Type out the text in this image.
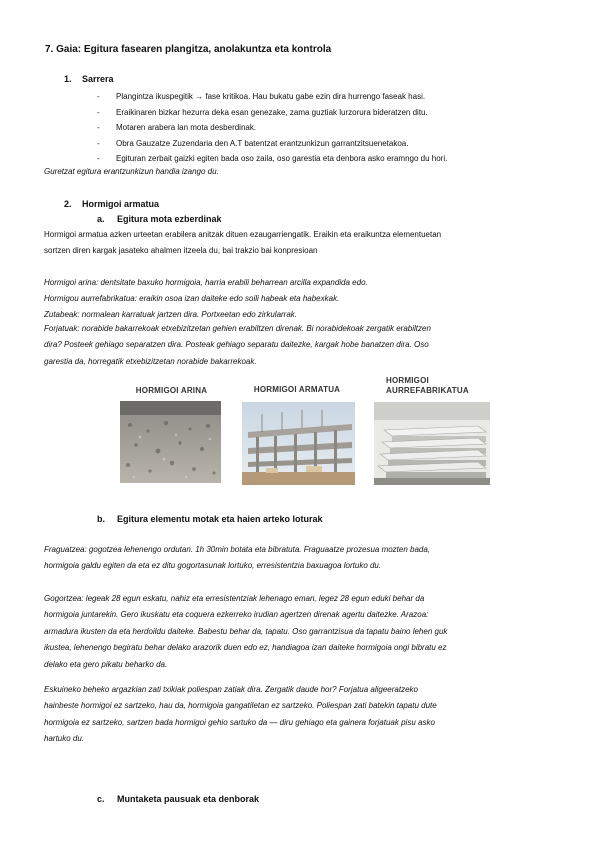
7. Gaia: Egitura fasearen plangitza, anolakuntza eta kontrola
1. Sarrera
- Plangintza ikuspegitik → fase kritikoa. Hau bukatu gabe ezin dira hurrengo faseak hasi.
- Eraikinaren bizkar hezurra deka esan genezake, zama guztiak lurzorura bideratzen ditu.
- Motaren arabera lan mota desberdinak.
- Obra Gauzatze Zuzendaria den A.T batentzat erantzunkizun garrantzitsuenetakoa.
- Egituran zerbait gaizki egiten bada oso zaila, oso garestia eta denbora asko eramngo du hori.
Guretzat egitura erantzunkizun handia izango du.
2. Hormigoi armatua
a. Egitura mota ezberdinak
Hormigoi armatua azken urteetan erabilera anitzak dituen ezaugarriengatik. Eraikin eta eraikuntza elementuetan
sortzen diren kargak jasateko ahalmen itzeela du, bai trakzio bai konpresioan
Hormigoi arina: dentsitate baxuko hormigoia, harria erabili beharrean arcilla expandida edo.
Hormigou aurrefabrikatua: eraikin osoa izan daiteke edo soili habeak eta habexkak.
Zutabeak: normalean karratuak jartzen dira. Portxeetan edo zirkularrak.
Forjatuak: norabide bakarrekoak etxebizitzetan gehien erabiltzen direnak. Bi norabidekoak zergatik erabiltzen
dira? Posteek gehiago separatzen dira. Posteak gehiago separatu daitezke, kargak hobe banatzen dira. Oso
garestia da, horregatik etxebizitzetan norabide bakarrekoak.
HORMIGOI ARINA	HORMIGOI ARMATUA
HORMIGOI
AURREFABRIKATUA
b. Egitura elementu motak eta haien arteko loturak
Fraguatzea: gogotzea lehenengo ordutan. 1h 30min botata eta bibratuta. Fraguaatze prozesua mozten bada,
hormigoia galdu egiten da eta ez ditu gogortasunak lortuko, erresistentzia baxuagoa lortuko du.
Gogortzea: legeak 28 egun eskatu, nahiz eta erresistentziak lehenago eman, legez 28 egun eduki behar da
hormigoia juntarekin. Gero ikuskatu eta coquera ezkerreko irudian agertzen direnak agertu daitezke. Arazoa:
armadura ikusten da eta herdoildu daiteke. Babestu behar da, tapatu. Oso garrantzisua da tapatu baino lehen guk
ikustea, lehenengo begiratu behar delako arazorik duen edo ez, handiagoa izan daiteke hormigoia ongi bibratu ez
delako eta gero pikatu beharko da.
Eskuineko beheko argazkian zati txikiak poliespan zatiak dira. Zergatik daude hor? Forjatua aligeeratzeko
hainbeste hormigoi ez sartzeko, hau da, hormigoia gangatiletan ez sartzeko. Poliespan zati batekin tapatu dute
hormigoia ez sartzeko, sartzen bada hormigoi gehio sartuko da — diru gehiago eta gainera forjatuak pisu asko
hartuko du.
c. Muntaketa pausuak eta denborak
